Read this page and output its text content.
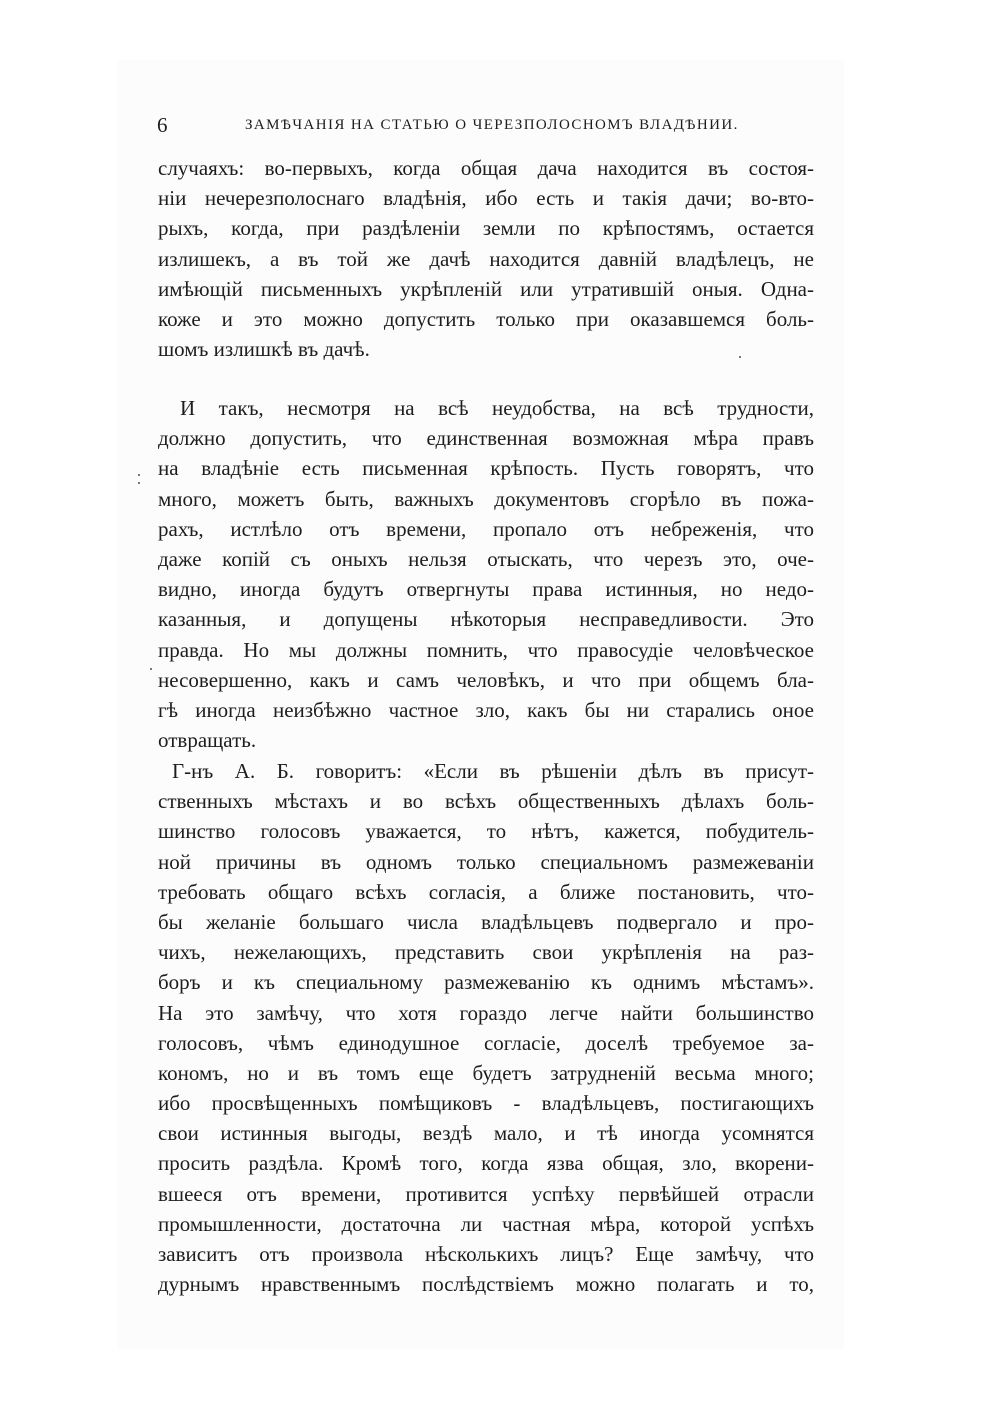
6	ЗАМѢЧАНІЯ НА СТАТЬЮ О ЧЕРЕЗПОЛОСНОМЪ ВЛАДѢНИИ.
случаяхъ: во-первыхъ, когда общая дача находится въ состоя-
ніи нечерезполоснаго владѣнія, ибо есть и такія дачи; во-вто-
рыхъ, когда, при раздѣленіи земли по крѣпостямъ, остается
излишекъ, а въ той же дачѣ находится давній владѣлецъ, не
имѣющій письменныхъ укрѣпленій или утратившій оныя. Одна-
коже и это можно допустить только при оказавшемся боль-
шомъ излишкѣ въ дачѣ.
И такъ, несмотря на всѣ неудобства, на всѣ трудности,
должно допустить, что единственная возможная мѣра правъ
на владѣніе есть письменная крѣпость. Пусть говорятъ, что
много, можетъ быть, важныхъ документовъ сгорѣло въ пожа-
рахъ, истлѣло отъ времени, пропало отъ небреженія, что
даже копій съ оныхъ нельзя отыскать, что черезъ это, оче-
видно, иногда будутъ отвергнуты права истинныя, но недо-
казанныя, и допущены нѣкоторыя несправедливости. Это
правда. Но мы должны помнить, что правосудіе человѣческое
несовершенно, какъ и самъ человѣкъ, и что при общемъ бла-
гѣ иногда неизбѣжно частное зло, какъ бы ни старались оное
отвращать.
Г-нъ А. Б. говоритъ: «Если въ рѣшеніи дѣлъ въ присут-
ственныхъ мѣстахъ и во всѣхъ общественныхъ дѣлахъ боль-
шинство голосовъ уважается, то нѣтъ, кажется, побудитель-
ной причины въ одномъ только специальномъ размежеваніи
требовать общаго всѣхъ согласія, а ближе постановить, что-
бы желаніе большаго числа владѣльцевъ подвергало и про-
чихъ, нежелающихъ, представить свои укрѣпленія на раз-
боръ и къ специальному размежеванію къ однимъ мѣстамъ».
На это замѣчу, что хотя гораздо легче найти большинство
голосовъ, чѣмъ единодушное согласіе, доселѣ требуемое за-
кономъ, но и въ томъ еще будетъ затрудненій весьма много;
ибо просвѣщенныхъ помѣщиковъ - владѣльцевъ, постигающихъ
свои истинныя выгоды, вездѣ мало, и тѣ иногда усомнятся
просить раздѣла. Кромѣ того, когда язва общая, зло, вкорени-
вшееся отъ времени, противится успѣху первѣйшей отрасли
промышленности, достаточна ли частная мѣра, которой успѣхъ
зависитъ отъ произвола нѣсколькихъ лицъ? Еще замѣчу, что
дурнымъ нравственнымъ послѣдствіемъ можно полагать и то,
